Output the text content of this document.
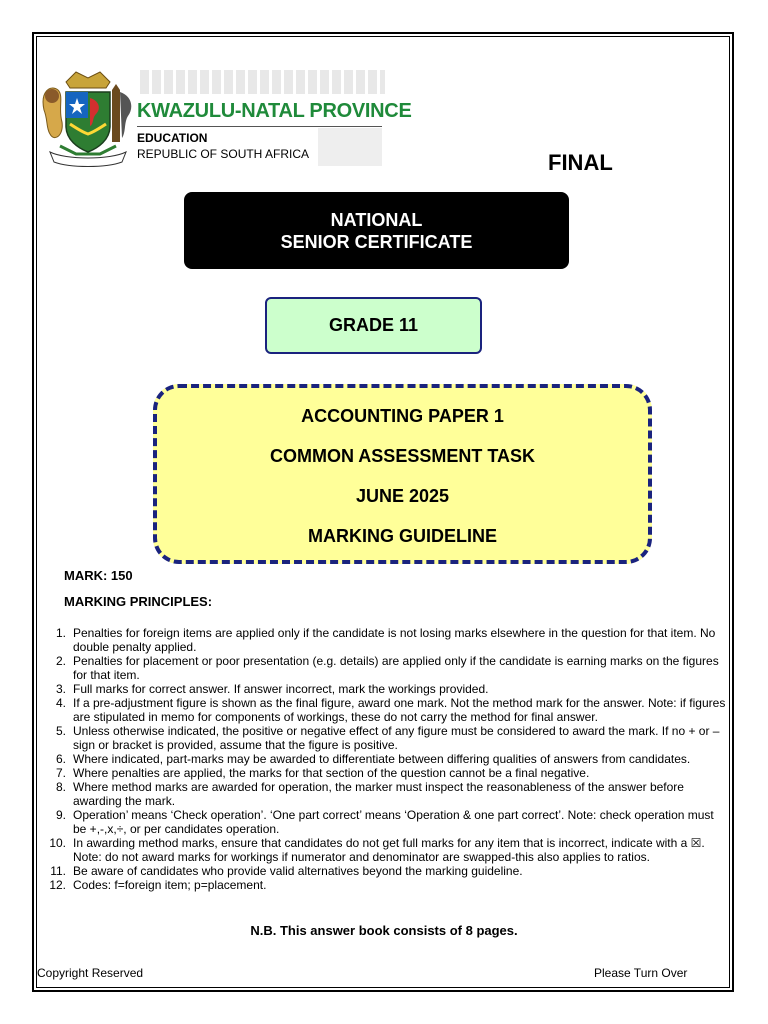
KWAZULU-NATAL PROVINCE
EDUCATION
REPUBLIC OF SOUTH AFRICA	FINAL
NATIONAL
SENIOR CERTIFICATE
GRADE 11
ACCOUNTING PAPER 1
COMMON ASSESSMENT TASK
JUNE 2025
MARKING GUIDELINE
MARK: 150
MARKING PRINCIPLES:
1. Penalties for foreign items are applied only if the candidate is not losing marks elsewhere in the question for that item. No double penalty applied.
2. Penalties for placement or poor presentation (e.g. details) are applied only if the candidate is earning marks on the figures for that item.
3. Full marks for correct answer. If answer incorrect, mark the workings provided.
4. If a pre-adjustment figure is shown as the final figure, award one mark. Not the method mark for the answer. Note: if figures are stipulated in memo for components of workings, these do not carry the method for final answer.
5. Unless otherwise indicated, the positive or negative effect of any figure must be considered to award the mark. If no + or – sign or bracket is provided, assume that the figure is positive.
6. Where indicated, part-marks may be awarded to differentiate between differing qualities of answers from candidates.
7. Where penalties are applied, the marks for that section of the question cannot be a final negative.
8. Where method marks are awarded for operation, the marker must inspect the reasonableness of the answer before awarding the mark.
9. Operation’ means ‘Check operation’. ‘One part correct’ means ‘Operation & one part correct’. Note: check operation must be +,-,x,÷, or per candidates operation.
10. In awarding method marks, ensure that candidates do not get full marks for any item that is incorrect, indicate with a ☒. Note: do not award marks for workings if numerator and denominator are swapped-this also applies to ratios.
11. Be aware of candidates who provide valid alternatives beyond the marking guideline.
12. Codes: f=foreign item; p=placement.
N.B. This answer book consists of 8 pages.
Copyright Reserved	Please Turn Over
